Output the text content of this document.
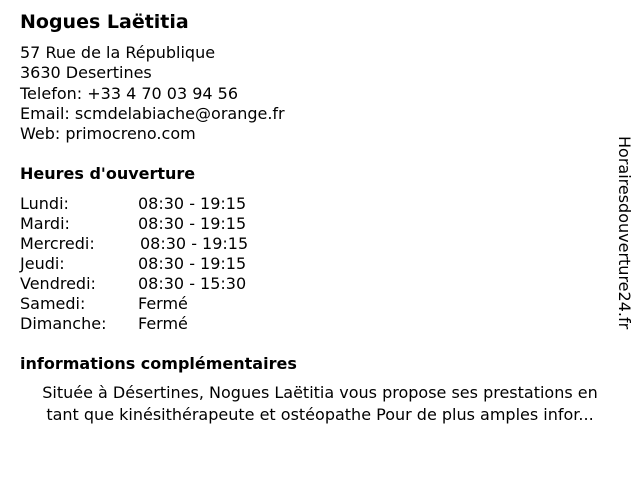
Nogues Laëtitia
57 Rue de la République
3630 Desertines
Telefon: +33 4 70 03 94 56
Email: scmdelabiache@orange.fr
Web: primocreno.com
Heures d'ouverture
Lundi:	08:30 - 19:15
Mardi:	08:30 - 19:15
Mercredi:	08:30 - 19:15
Jeudi:	08:30 - 19:15
Vendredi:	08:30 - 15:30
Samedi:	Fermé
Dimanche: Fermé
informations complémentaires
Située à Désertines, Nogues Laëtitia vous propose ses prestations en
tant que kinésithérapeute et ostéopathe Pour de plus amples infor...
Horairesdouverture24.fr
